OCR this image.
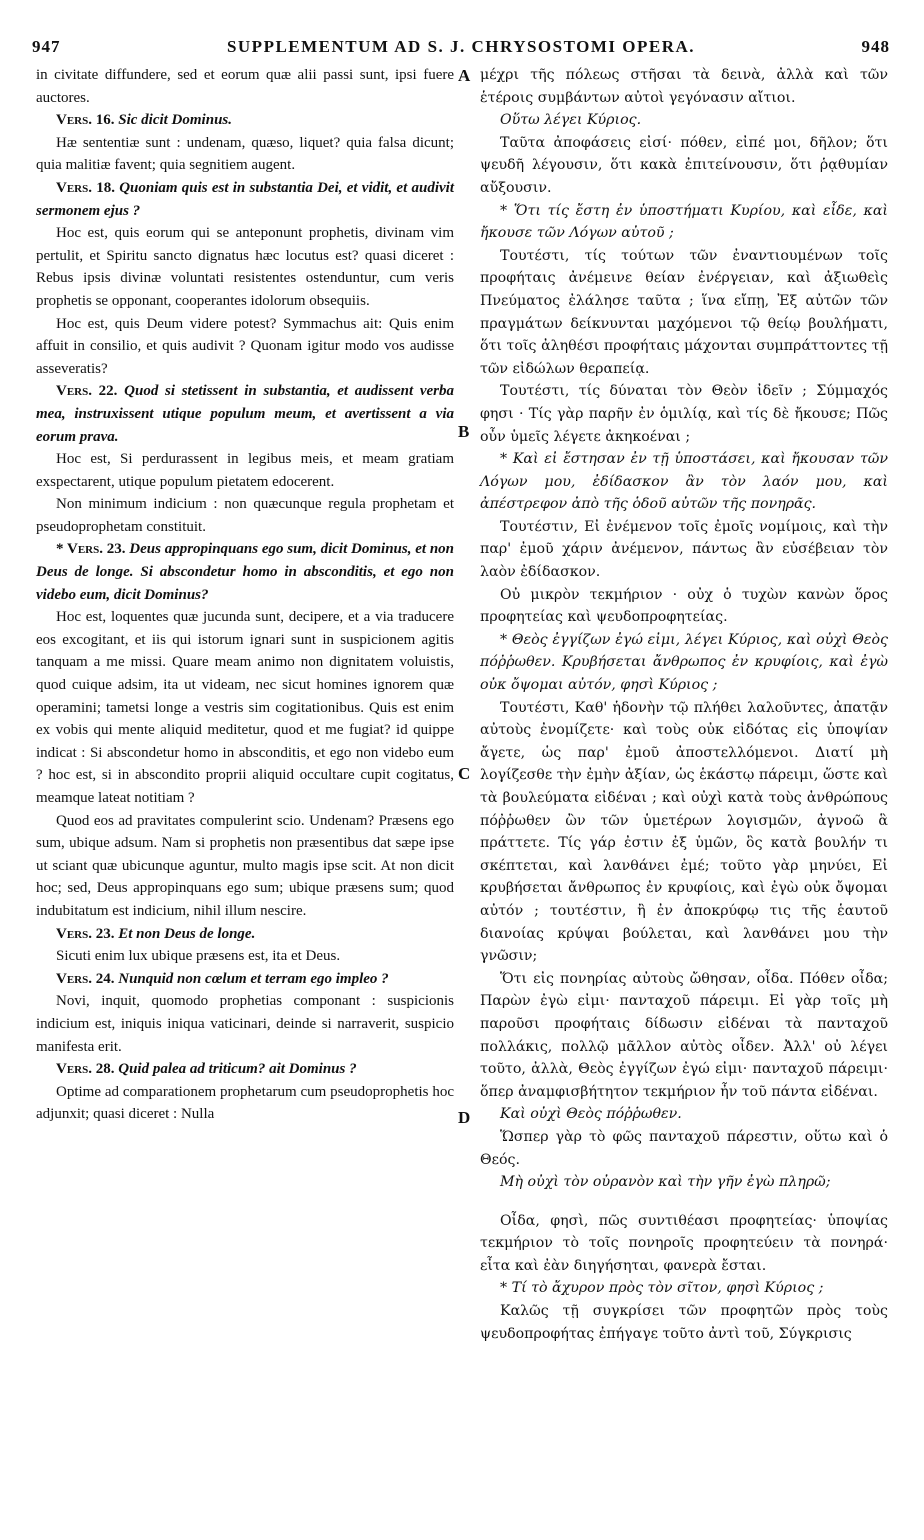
947	SUPPLEMENTUM AD S. J. CHRYSOSTOMI OPERA.	948

in civitate diffundere, sed et eorum quæ alii passi sunt, ipsi fuere auctores.

Vers. 16. Sic dicit Dominus.

Hæ sententiæ sunt : undenam, quæso, liquet? quia falsa dicunt; quia malitiæ favent; quia segnitiem augent.

Vers. 18. Quoniam quis est in substantia Dei, et vidit, et audivit sermonem ejus ?

Hoc est, quis eorum qui se anteponunt prophetis, divinam vim pertulit, et Spiritu sancto dignatus hæc locutus est? quasi diceret : Rebus ipsis divinæ voluntati resistentes ostenduntur, cum veris prophetis se opponant, cooperantes idolorum obsequiis.

Hoc est, quis Deum videre potest? Symmachus ait: Quis enim affuit in consilio, et quis audivit ? Quonam igitur modo vos audisse asseveratis?

Vers. 22. Quod si stetissent in substantia, et audissent verba mea, instruxissent utique populum meum, et avertissent a via eorum prava.

Hoc est, Si perdurassent in legibus meis, et meam gratiam exspectarent, utique populum pietatem edocerent.

Non minimum indicium : non quæcunque regula prophetam et pseudoprophetam constituit.

* Vers. 23. Deus appropinquans ego sum, dicit Dominus, et non Deus de longe. Si abscondetur homo in absconditis, et ego non videbo eum, dicit Dominus?

Hoc est, loquentes quæ jucunda sunt, decipere, et a via traducere eos excogitant, et iis qui istorum ignari sunt in suspicionem agitis tanquam a me missi. Quare meam animo non dignitatem voluistis, quod cuique adsim, ita ut videam, nec sicut homines ignorem quæ operamini; tametsi longe a vestris sim cogitationibus. Quis est enim ex vobis qui mente aliquid meditetur, quod et me fugiat? id quippe indicat : Si abscondetur homo in absconditis, et ego non videbo eum ? hoc est, si in abscondito proprii aliquid occultare cupit cogitatus, meamque lateat notitiam ?

Quod eos ad pravitates compulerint scio. Undenam? Præsens ego sum, ubique adsum. Nam si prophetis non præsentibus dat sæpe ipse ut sciant quæ ubicunque aguntur, multo magis ipse scit. At non dicit hoc; sed, Deus appropinquans ego sum; ubique præsens sum; quod indubitatum est indicium, nihil illum nescire.

Vers. 23. Et non Deus de longe.

Sicuti enim lux ubique præsens est, ita et Deus.

Vers. 24. Nunquid non cœlum et terram ego impleo ?

Novi, inquit, quomodo prophetias componant : suspicionis indicium est, iniquis iniqua vaticinari, deinde si narraverit, suspicio manifesta erit.

Vers. 28. Quid palea ad triticum? ait Dominus ?

Optime ad comparationem prophetarum cum pseudoprophetis hoc adjunxit; quasi diceret : Nulla

μέχρι τῆς πόλεως στῆσαι τὰ δεινὰ, ἀλλὰ καὶ τῶν ἑτέροις συμβάντων αὐτοὶ γεγόνασιν αἴτιοι.

Οὕτω λέγει Κύριος.

Ταῦτα ἀποφάσεις εἰσί· πόθεν, εἰπέ μοι, δῆλον; ὅτι ψευδῆ λέγουσιν, ὅτι κακὰ ἐπιτείνουσιν, ὅτι ῥᾳθυμίαν αὔξουσιν.

* Ὅτι τίς ἔστη ἐν ὑποστήματι Κυρίου, καὶ εἶδε, καὶ ἤκουσε τῶν Λόγων αὐτοῦ ;

Τουτέστι, τίς τούτων τῶν ἐναντιουμένων τοῖς προφήταις ἀνέμεινε θείαν ἐνέργειαν, καὶ ἀξιωθεὶς Πνεύματος ἐλάλησε ταῦτα ; ἵνα εἴπῃ, Ἐξ αὐτῶν τῶν πραγμάτων δείκνυνται μαχόμενοι τῷ θείῳ βουλήματι, ὅτι τοῖς ἀληθέσι προφήταις μάχονται συμπράττοντες τῇ τῶν εἰδώλων θεραπείᾳ.

Τουτέστι, τίς δύναται τὸν Θεὸν ἰδεῖν ; Σύμμαχός φησι · Τίς γὰρ παρῆν ἐν ὁμιλίᾳ, καὶ τίς δὲ ἤκουσε; Πῶς οὖν ὑμεῖς λέγετε ἀκηκοέναι ;

* Καὶ εἰ ἔστησαν ἐν τῇ ὑποστάσει, καὶ ἤκουσαν τῶν Λόγων μου, ἐδίδασκον ἂν τὸν λαόν μου, καὶ ἀπέστρεφον ἀπὸ τῆς ὁδοῦ αὐτῶν τῆς πονηρᾶς.

Τουτέστιν, Εἰ ἐνέμενον τοῖς ἐμοῖς νομίμοις, καὶ τὴν παρ' ἐμοῦ χάριν ἀνέμενον, πάντως ἂν εὐσέβειαν τὸν λαὸν ἐδίδασκον.

Οὐ μικρὸν τεκμήριον · οὐχ ὁ τυχὼν κανὼν ὅρος προφητείας καὶ ψευδοπροφητείας.

* Θεὸς ἐγγίζων ἐγώ εἰμι, λέγει Κύριος, καὶ οὐχὶ Θεὸς πόῤῥωθεν. Κρυβήσεται ἄνθρωπος ἐν κρυφίοις, καὶ ἐγὼ οὐκ ὄψομαι αὐτόν, φησὶ Κύριος ;

Τουτέστι, Καθ' ἡδονὴν τῷ πλήθει λαλοῦντες, ἀπατᾷν αὐτοὺς ἐνομίζετε· καὶ τοὺς οὐκ εἰδότας εἰς ὑποψίαν ἄγετε, ὡς παρ' ἐμοῦ ἀποστελλόμενοι. Διατί μὴ λογίζεσθε τὴν ἐμὴν ἀξίαν, ὡς ἑκάστῳ πάρειμι, ὥστε καὶ τὰ βουλεύματα εἰδέναι ; καὶ οὐχὶ κατὰ τοὺς ἀνθρώπους πόῤῥωθεν ὢν τῶν ὑμετέρων λογισμῶν, ἀγνοῶ ἃ πράττετε. Τίς γάρ ἐστιν ἐξ ὑμῶν, ὃς κατὰ βουλήν τι σκέπτεται, καὶ λανθάνει ἐμέ; τοῦτο γὰρ μηνύει, Εἰ κρυβήσεται ἄνθρωπος ἐν κρυφίοις, καὶ ἐγὼ οὐκ ὄψομαι αὐτόν ; τουτέστιν, ἢ ἐν ἀποκρύφῳ τις τῆς ἑαυτοῦ διανοίας κρύψαι βούλεται, καὶ λανθάνει μου τὴν γνῶσιν;

Ὅτι εἰς πονηρίας αὐτοὺς ὤθησαν, οἶδα. Πόθεν οἶδα; Παρὼν ἐγὼ εἰμι· πανταχοῦ πάρειμι. Εἰ γὰρ τοῖς μὴ παροῦσι προφήταις δίδωσιν εἰδέναι τὰ πανταχοῦ πολλάκις, πολλῷ μᾶλλον αὐτὸς οἶδεν. Ἀλλ' οὐ λέγει τοῦτο, ἀλλὰ, Θεὸς ἐγγίζων ἐγώ εἰμι· πανταχοῦ πάρειμι· ὅπερ ἀναμφισβήτητον τεκμήριον ἦν τοῦ πάντα εἰδέναι.

Καὶ οὐχὶ Θεὸς πόῤῥωθεν.

Ὥσπερ γὰρ τὸ φῶς πανταχοῦ πάρεστιν, οὕτω καὶ ὁ Θεός.

Μὴ οὐχὶ τὸν οὐρανὸν καὶ τὴν γῆν ἐγὼ πληρῶ;

Οἶδα, φησὶ, πῶς συντιθέασι προφητείας· ὑποψίας τεκμήριον τὸ τοῖς πονηροῖς προφητεύειν τὰ πονηρά· εἶτα καὶ ἐὰν διηγήσηται, φανερὰ ἔσται.

* Τί τὸ ἄχυρον πρὸς τὸν σῖτον, φησὶ Κύριος ;

Καλῶς τῇ συγκρίσει τῶν προφητῶν πρὸς τοὺς ψευδοπροφήτας ἐπήγαγε τοῦτο ἀντὶ τοῦ, Σύγκρισις

A
B
C
D
